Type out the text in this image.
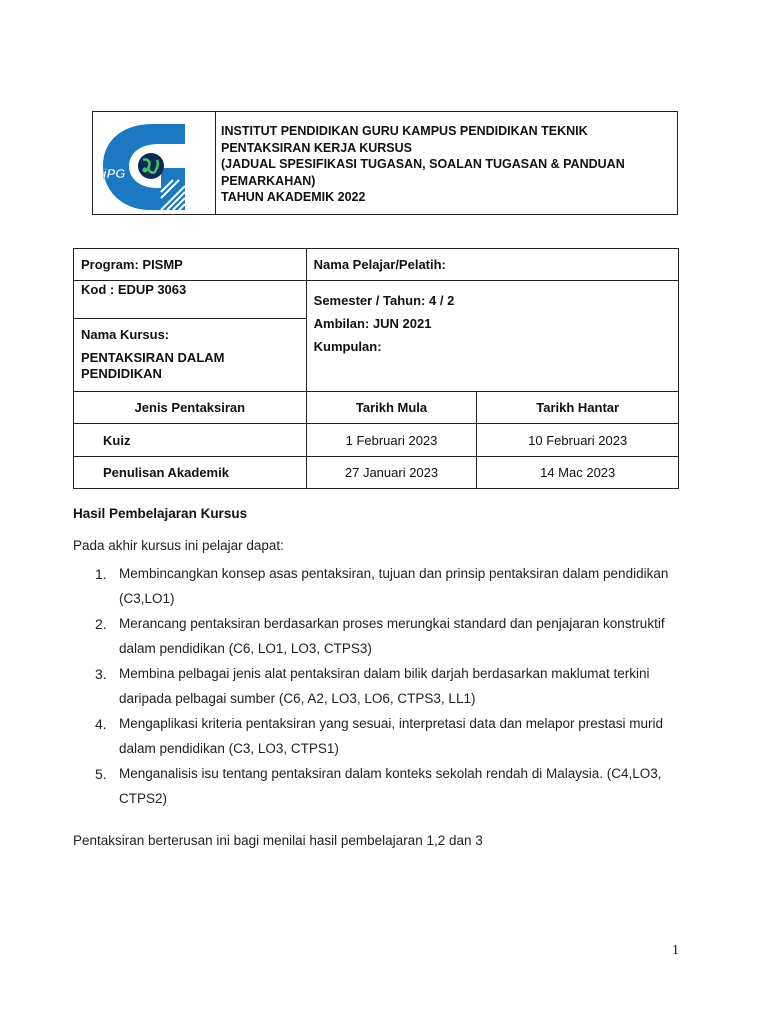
iPG
INSTITUT PENDIDIKAN GURU KAMPUS PENDIDIKAN TEKNIK
PENTAKSIRAN KERJA KURSUS
(JADUAL SPESIFIKASI TUGASAN, SOALAN TUGASAN & PANDUAN
PEMARKAHAN)
TAHUN AKADEMIK 2022
Program: PISMP	Nama Pelajar/Pelatih:	
Kod : EDUP 3063	Semester / Tahun: 4 / 2
Ambilan: JUN 2021
Kumpulan:	

Nama Kursus:
PENTAKSIRAN DALAM PENDIDIKAN		

Jenis Pentaksiran	Tarikh Mula	Tarikh Hantar
Kuiz	1 Februari 2023	10 Februari 2023
Penulisan Akademik	27 Januari 2023	14 Mac 2023
Hasil Pembelajaran Kursus
Pada akhir kursus ini pelajar dapat:
1. Membincangkan konsep asas pentaksiran, tujuan dan prinsip pentaksiran dalam pendidikan (C3,LO1)
2. Merancang pentaksiran berdasarkan proses merungkai standard dan penjajaran konstruktif dalam pendidikan (C6, LO1, LO3, CTPS3)
3. Membina pelbagai jenis alat pentaksiran dalam bilik darjah berdasarkan maklumat terkini daripada pelbagai sumber (C6, A2, LO3, LO6, CTPS3, LL1)
4. Mengaplikasi kriteria pentaksiran yang sesuai, interpretasi data dan melapor prestasi murid dalam pendidikan (C3, LO3, CTPS1)
5. Menganalisis isu tentang pentaksiran dalam konteks sekolah rendah di Malaysia. (C4,LO3, CTPS2)
Pentaksiran berterusan ini bagi menilai hasil pembelajaran 1,2 dan 3
1
